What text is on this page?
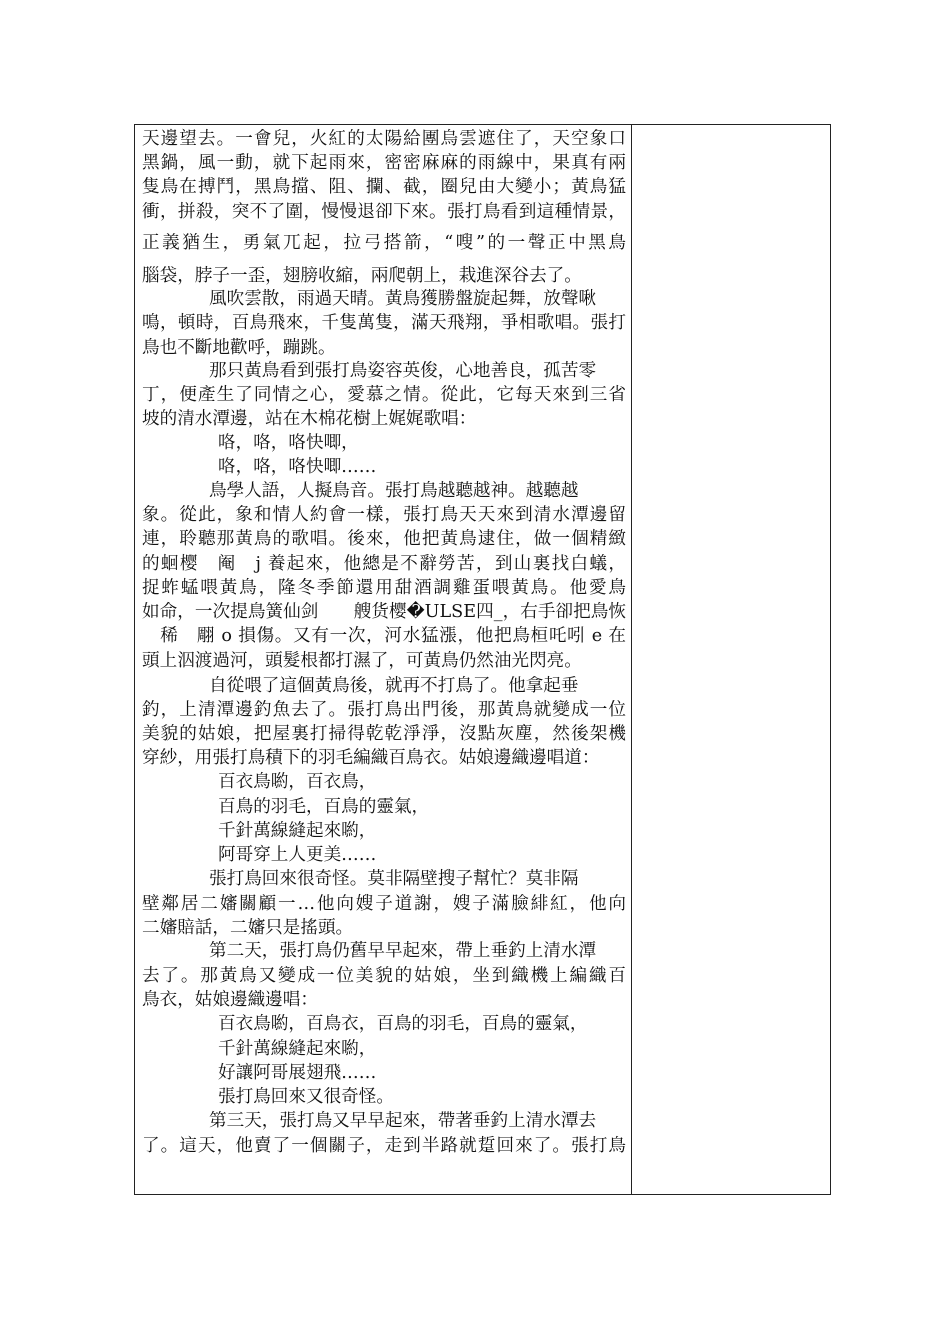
天邊望去。一會兒，火紅的太陽給團烏雲遮住了，天空象口
黑鍋，風一動，就下起雨來，密密麻麻的雨線中，果真有兩
隻鳥在搏鬥，黑鳥擋、阻、攔、截，圈兒由大變小；黃鳥猛
衝，拼殺，突不了圍，慢慢退卻下來。張打鳥看到這種情景，
正義猶生，勇氣兀起，拉弓搭箭，“嗖”的一聲正中黑鳥
腦袋，脖子一歪，翅膀收縮，兩爬朝上，栽進深谷去了。
風吹雲散，雨過天晴。黃鳥獲勝盤旋起舞，放聲啾
鳴，頓時，百鳥飛來，千隻萬隻，滿天飛翔，爭相歌唱。張打
鳥也不斷地歡呼，蹦跳。
那只黃鳥看到張打鳥姿容英俊，心地善良，孤苦零
丁，便產生了同情之心，愛慕之情。從此，它每天來到三省
坡的清水潭邊，站在木棉花樹上娓娓歌唱：
咯，咯，咯快唧，
咯，咯，咯快唧……
鳥學人語，人擬鳥音。張打鳥越聽越神。越聽越
象。從此，象和情人約會一樣，張打鳥天天來到清水潭邊留
連，聆聽那黃鳥的歌唱。後來，他把黃鳥逮住，做一個精緻
的蛔樱　阉　j 養起來，他總是不辭勞苦，到山裏找白蟻，
捉蚱蜢喂黃鳥，隆冬季節還用甜酒調雞蛋喂黃鳥。他愛鳥
如命，一次提鳥簧仙剑　　艘货樱�ULSE四_，右手卻把鳥恢
　稀　翢 o 損傷。又有一次，河水猛漲，他把鳥桓吒吲 e 在
頭上泅渡過河，頭髮根都打濕了，可黃鳥仍然油光閃亮。
自從喂了這個黃鳥後，就再不打鳥了。他拿起垂
釣，上清潭邊釣魚去了。張打鳥出門後，那黃鳥就變成一位
美貌的姑娘，把屋裏打掃得乾乾淨淨，沒點灰塵，然後架機
穿紗，用張打鳥積下的羽毛編織百鳥衣。姑娘邊織邊唱道：
百衣鳥喲，百衣鳥，
百鳥的羽毛，百鳥的靈氣，
千針萬線縫起來喲，
阿哥穿上人更美……
張打鳥回來很奇怪。莫非隔壁搜子幫忙？莫非隔
壁鄰居二嬸關顧一…他向嫂子道謝，嫂子滿臉緋紅，他向
二嬸賠話，二嬸只是搖頭。
第二天，張打鳥仍舊早早起來，帶上垂釣上清水潭
去了。那黃鳥又變成一位美貌的姑娘，坐到織機上編織百
鳥衣，姑娘邊織邊唱：
百衣鳥喲，百鳥衣，百鳥的羽毛，百鳥的靈氣，
千針萬線縫起來喲，
好讓阿哥展翅飛……
張打鳥回來又很奇怪。
第三天，張打鳥又早早起來，帶著垂釣上清水潭去
了。這天，他賣了一個關子，走到半路就踅回來了。張打鳥
